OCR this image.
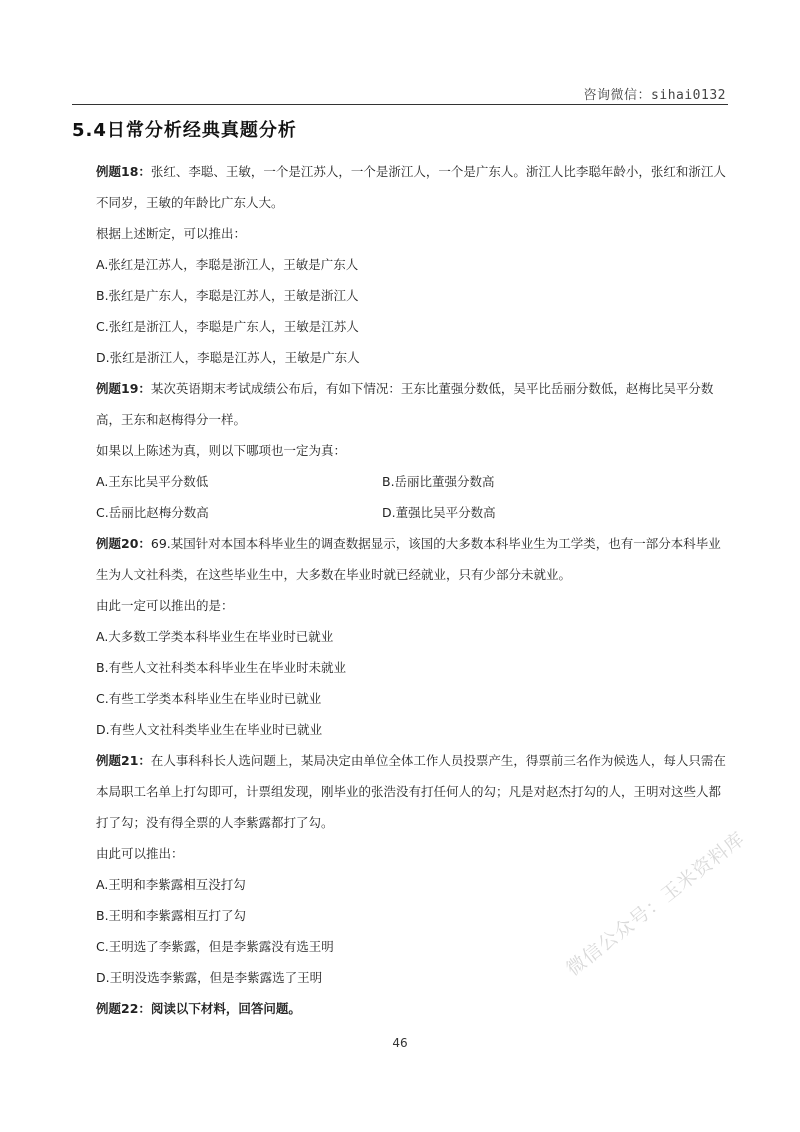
咨询微信：sihai0132
5.4日常分析经典真题分析

例题18：张红、李聪、王敏，一个是江苏人，一个是浙江人，一个是广东人。浙江人比李聪年龄小，张红和浙江人不同岁，王敏的年龄比广东人大。

根据上述断定，可以推出：

A.张红是江苏人，李聪是浙江人，王敏是广东人

B.张红是广东人，李聪是江苏人，王敏是浙江人

C.张红是浙江人，李聪是广东人，王敏是江苏人

D.张红是浙江人，李聪是江苏人，王敏是广东人

例题19：某次英语期末考试成绩公布后，有如下情况：王东比董强分数低，吴平比岳丽分数低，赵梅比吴平分数高，王东和赵梅得分一样。

如果以上陈述为真，则以下哪项也一定为真：

A.王东比吴平分数低	B.岳丽比董强分数高
C.岳丽比赵梅分数高	D.董强比吴平分数高

例题20：69.某国针对本国本科毕业生的调查数据显示，该国的大多数本科毕业生为工学类，也有一部分本科毕业生为人文社科类，在这些毕业生中，大多数在毕业时就已经就业，只有少部分未就业。

由此一定可以推出的是：

A.大多数工学类本科毕业生在毕业时已就业

B.有些人文社科类本科毕业生在毕业时未就业

C.有些工学类本科毕业生在毕业时已就业

D.有些人文社科类毕业生在毕业时已就业

例题21：在人事科科长人选问题上，某局决定由单位全体工作人员投票产生，得票前三名作为候选人，每人只需在本局职工名单上打勾即可，计票组发现，刚毕业的张浩没有打任何人的勾；凡是对赵杰打勾的人，王明对这些人都打了勾；没有得全票的人李紫露都打了勾。

由此可以推出：

A.王明和李紫露相互没打勾

B.王明和李紫露相互打了勾

C.王明选了李紫露，但是李紫露没有选王明

D.王明没选李紫露，但是李紫露选了王明

例题22：阅读以下材料，回答问题。

46
微信公众号：玉米资料库
